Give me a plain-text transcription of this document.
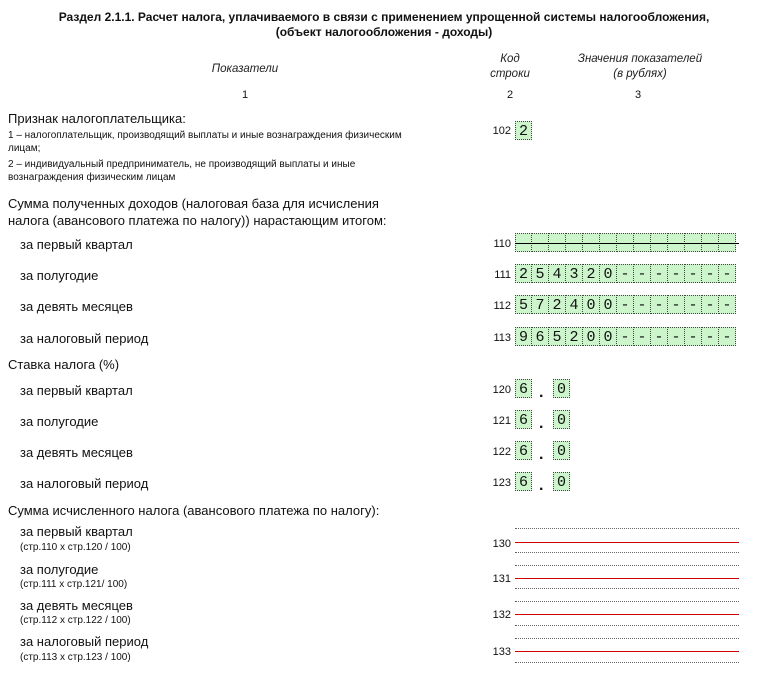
Раздел 2.1.1. Расчет налога, уплачиваемого в связи с применением упрощенной системы налогообложения,
(объект налогообложения - доходы)
Показатели
Код
строки
Значения показателей
(в рублях)
1	2	3
Признак налогоплательщика:
1 – налогоплательщик, производящий выплаты и иные вознаграждения физическим
лицам;
2 – индивидуальный предприниматель, не производящий выплаты и иные
вознаграждения физическим лицам
102 2
Сумма полученных доходов (налоговая база для исчисления
налога (авансового платежа по налогу)) нарастающим итогом:
за первый квартал	110
за полугодие	111 2 5 4 3 2 0 - - - - - - -
за девять месяцев	112 5 7 2 4 0 0 - - - - - - -
за налоговый период	113 9 6 5 2 0 0 - - - - - - -
Ставка налога (%)
за первый квартал	120 6 . 0
за полугодие	121 6 . 0
за девять месяцев	122 6 . 0
за налоговый период	123 6 . 0
Сумма исчисленного налога (авансового платежа по налогу):
за первый квартал
(стр.110 х стр.120 / 100)	130
за полугодие
(стр.111 х стр.121/ 100)	131
за девять месяцев
(стр.112 х стр.122 / 100)	132
за налоговый период
(стр.113 х стр.123 / 100)	133
